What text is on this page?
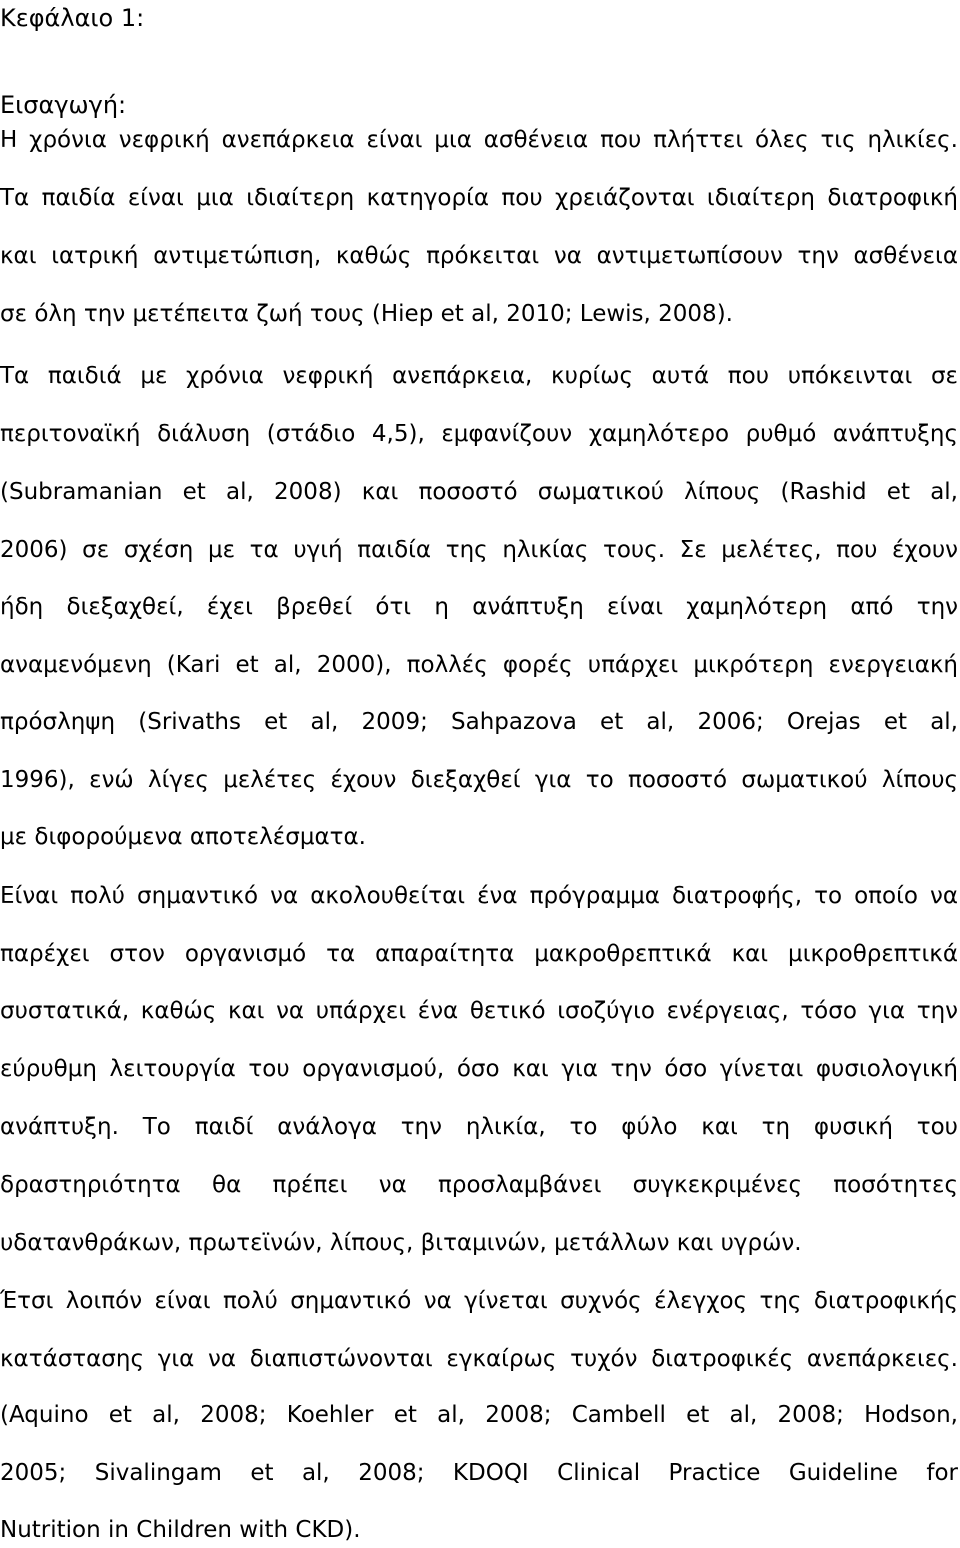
Κεφάλαιο 1:
Εισαγωγή:
Η χρόνια νεφρική ανεπάρκεια είναι μια ασθένεια που πλήττει όλες τις ηλικίες.
Τα παιδία είναι μια ιδιαίτερη κατηγορία που χρειάζονται ιδιαίτερη διατροφική
και ιατρική αντιμετώπιση, καθώς πρόκειται να αντιμετωπίσουν την ασθένεια
σε όλη την μετέπειτα ζωή τους (Hiep et al, 2010; Lewis, 2008).
Τα παιδιά με χρόνια νεφρική ανεπάρκεια, κυρίως αυτά που υπόκεινται σε
περιτοναϊκή διάλυση (στάδιο 4,5), εμφανίζουν χαμηλότερο ρυθμό ανάπτυξης
(Subramanian et al, 2008) και ποσοστό σωματικού λίπους (Rashid et al,
2006) σε σχέση με τα υγιή παιδία της ηλικίας τους. Σε μελέτες, που έχουν
ήδη διεξαχθεί, έχει βρεθεί ότι η ανάπτυξη είναι χαμηλότερη από την
αναμενόμενη (Kari et al, 2000), πολλές φορές υπάρχει μικρότερη ενεργειακή
πρόσληψη (Srivaths et al, 2009; Sahpazova et al, 2006; Orejas et al,
1996), ενώ λίγες μελέτες έχουν διεξαχθεί για το ποσοστό σωματικού λίπους
με διφορούμενα αποτελέσματα.
Είναι πολύ σημαντικό να ακολουθείται ένα πρόγραμμα διατροφής, το οποίο να
παρέχει στον οργανισμό τα απαραίτητα μακροθρεπτικά και μικροθρεπτικά
συστατικά, καθώς και να υπάρχει ένα θετικό ισοζύγιο ενέργειας, τόσο για την
εύρυθμη λειτουργία του οργανισμού, όσο και για την όσο γίνεται φυσιολογική
ανάπτυξη. Το παιδί ανάλογα την ηλικία, το φύλο και τη φυσική του
δραστηριότητα θα πρέπει να προσλαμβάνει συγκεκριμένες ποσότητες
υδατανθράκων, πρωτεϊνών, λίπους, βιταμινών, μετάλλων και υγρών.
Έτσι λοιπόν είναι πολύ σημαντικό να γίνεται συχνός έλεγχος της διατροφικής
κατάστασης για να διαπιστώνονται εγκαίρως τυχόν διατροφικές ανεπάρκειες.
(Aquino et al, 2008; Koehler et al, 2008; Cambell et al, 2008; Hodson,
2005; Sivalingam et al, 2008; KDOQI Clinical Practice Guideline for
Nutrition in Children with CKD).
